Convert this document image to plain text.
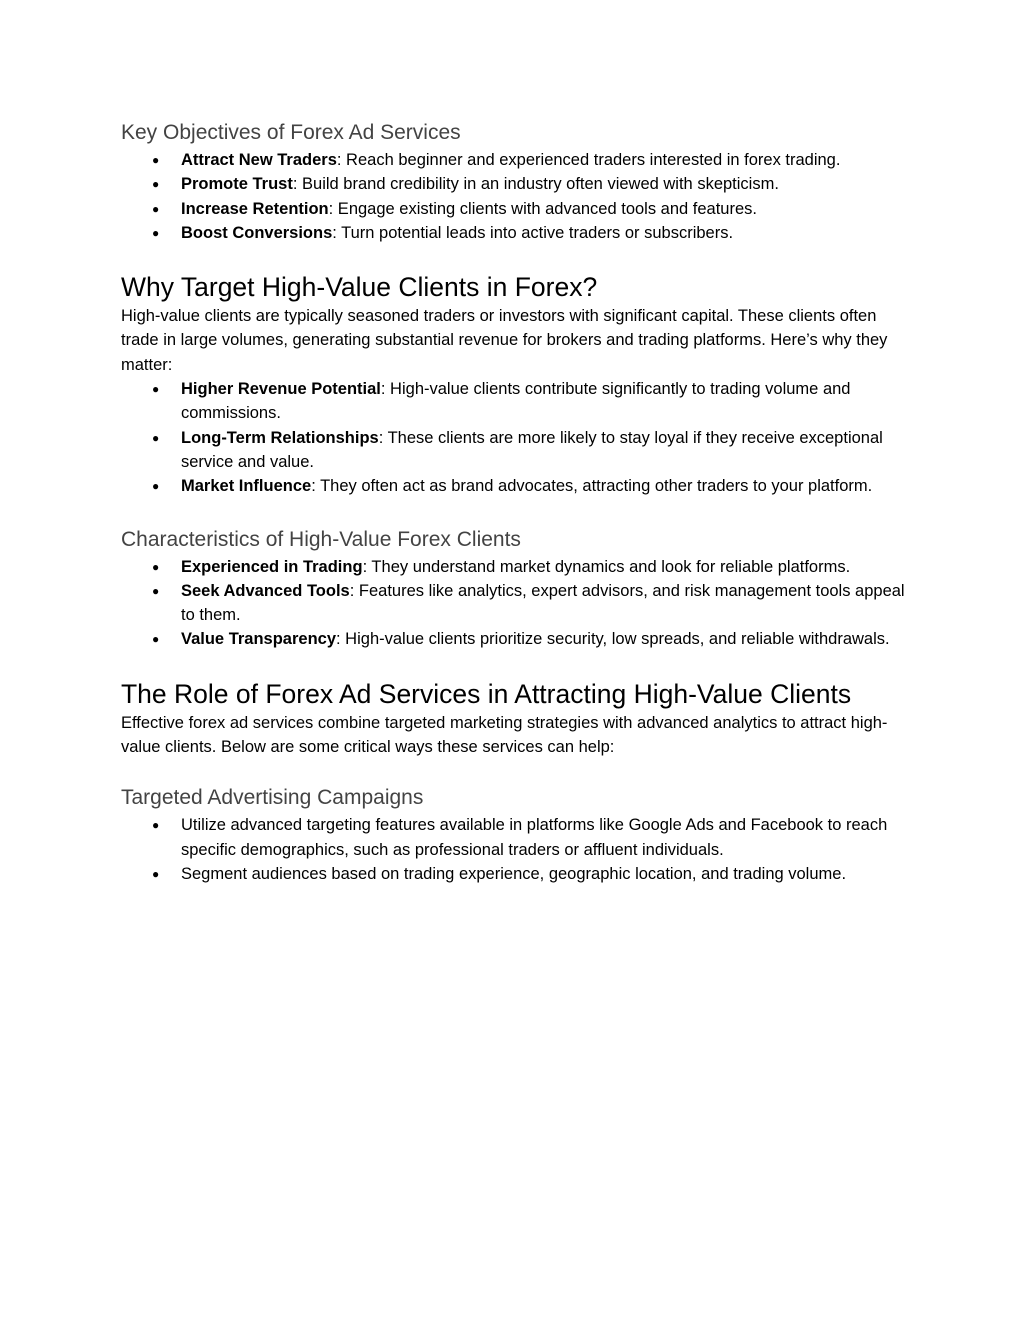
Key Objectives of Forex Ad Services
● Attract New Traders: Reach beginner and experienced traders interested in forex trading.
● Promote Trust: Build brand credibility in an industry often viewed with skepticism.
● Increase Retention: Engage existing clients with advanced tools and features.
● Boost Conversions: Turn potential leads into active traders or subscribers.
Why Target High-Value Clients in Forex?

High-value clients are typically seasoned traders or investors with significant capital. These clients often trade in large volumes, generating substantial revenue for brokers and trading platforms. Here’s why they matter:

● Higher Revenue Potential: High-value clients contribute significantly to trading volume and commissions.
● Long-Term Relationships: These clients are more likely to stay loyal if they receive exceptional service and value.
● Market Influence: They often act as brand advocates, attracting other traders to your platform.
Characteristics of High-Value Forex Clients
● Experienced in Trading: They understand market dynamics and look for reliable platforms.
● Seek Advanced Tools: Features like analytics, expert advisors, and risk management tools appeal to them.
● Value Transparency: High-value clients prioritize security, low spreads, and reliable withdrawals.
The Role of Forex Ad Services in Attracting High-Value Clients

Effective forex ad services combine targeted marketing strategies with advanced analytics to attract high-value clients. Below are some critical ways these services can help:

Targeted Advertising Campaigns
● Utilize advanced targeting features available in platforms like Google Ads and Facebook to reach specific demographics, such as professional traders or affluent individuals.
● Segment audiences based on trading experience, geographic location, and trading volume.
